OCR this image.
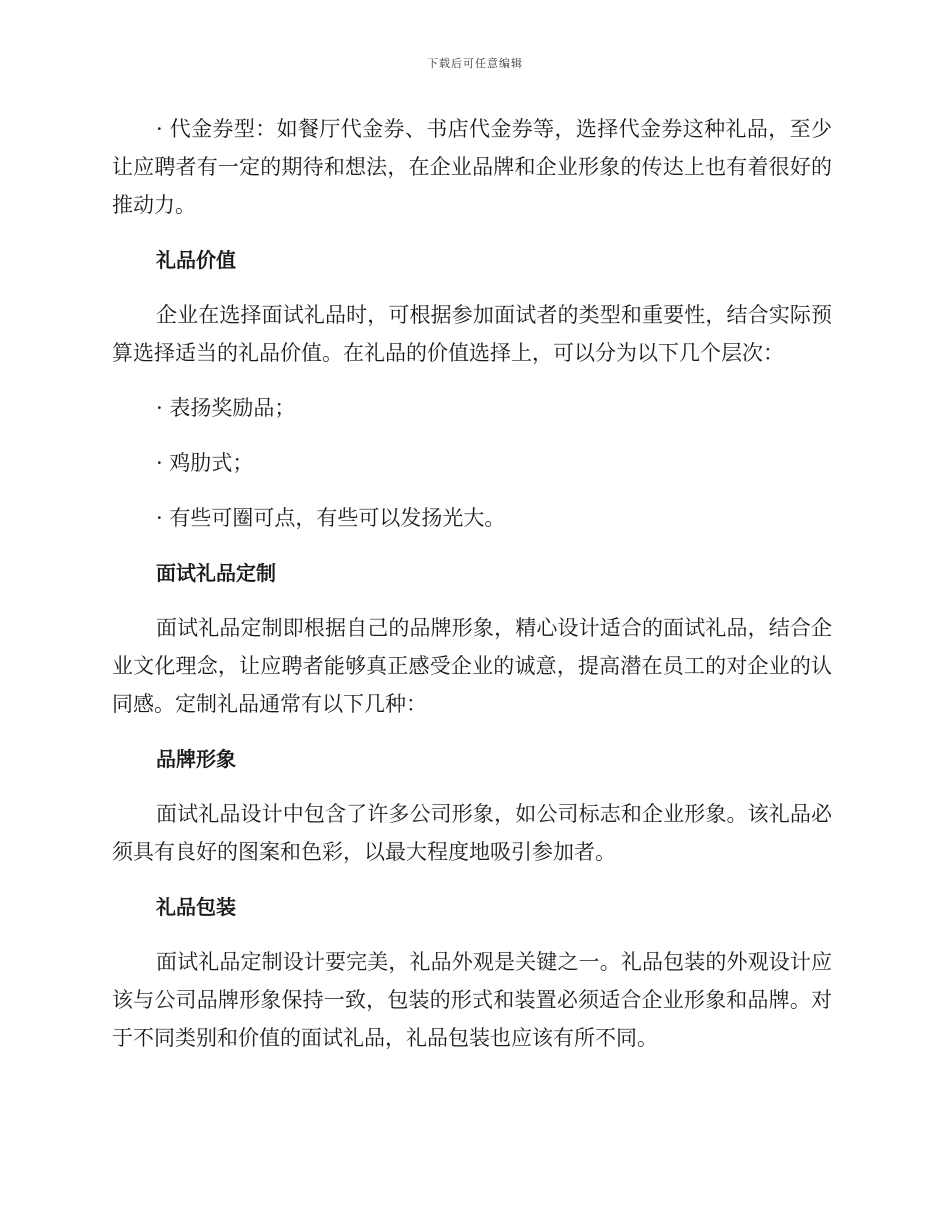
下载后可任意编辑

· 代金券型：如餐厅代金券、书店代金券等，选择代金券这种礼品，至少让应聘者有一定的期待和想法，在企业品牌和企业形象的传达上也有着很好的推动力。

礼品价值

企业在选择面试礼品时，可根据参加面试者的类型和重要性，结合实际预算选择适当的礼品价值。在礼品的价值选择上，可以分为以下几个层次：

· 表扬奖励品；

· 鸡肋式；

· 有些可圈可点，有些可以发扬光大。

面试礼品定制

面试礼品定制即根据自己的品牌形象，精心设计适合的面试礼品，结合企业文化理念，让应聘者能够真正感受企业的诚意，提高潜在员工的对企业的认同感。定制礼品通常有以下几种：

品牌形象

面试礼品设计中包含了许多公司形象，如公司标志和企业形象。该礼品必须具有良好的图案和色彩，以最大程度地吸引参加者。

礼品包装

面试礼品定制设计要完美，礼品外观是关键之一。礼品包装的外观设计应该与公司品牌形象保持一致，包装的形式和装置必须适合企业形象和品牌。对于不同类别和价值的面试礼品，礼品包装也应该有所不同。
